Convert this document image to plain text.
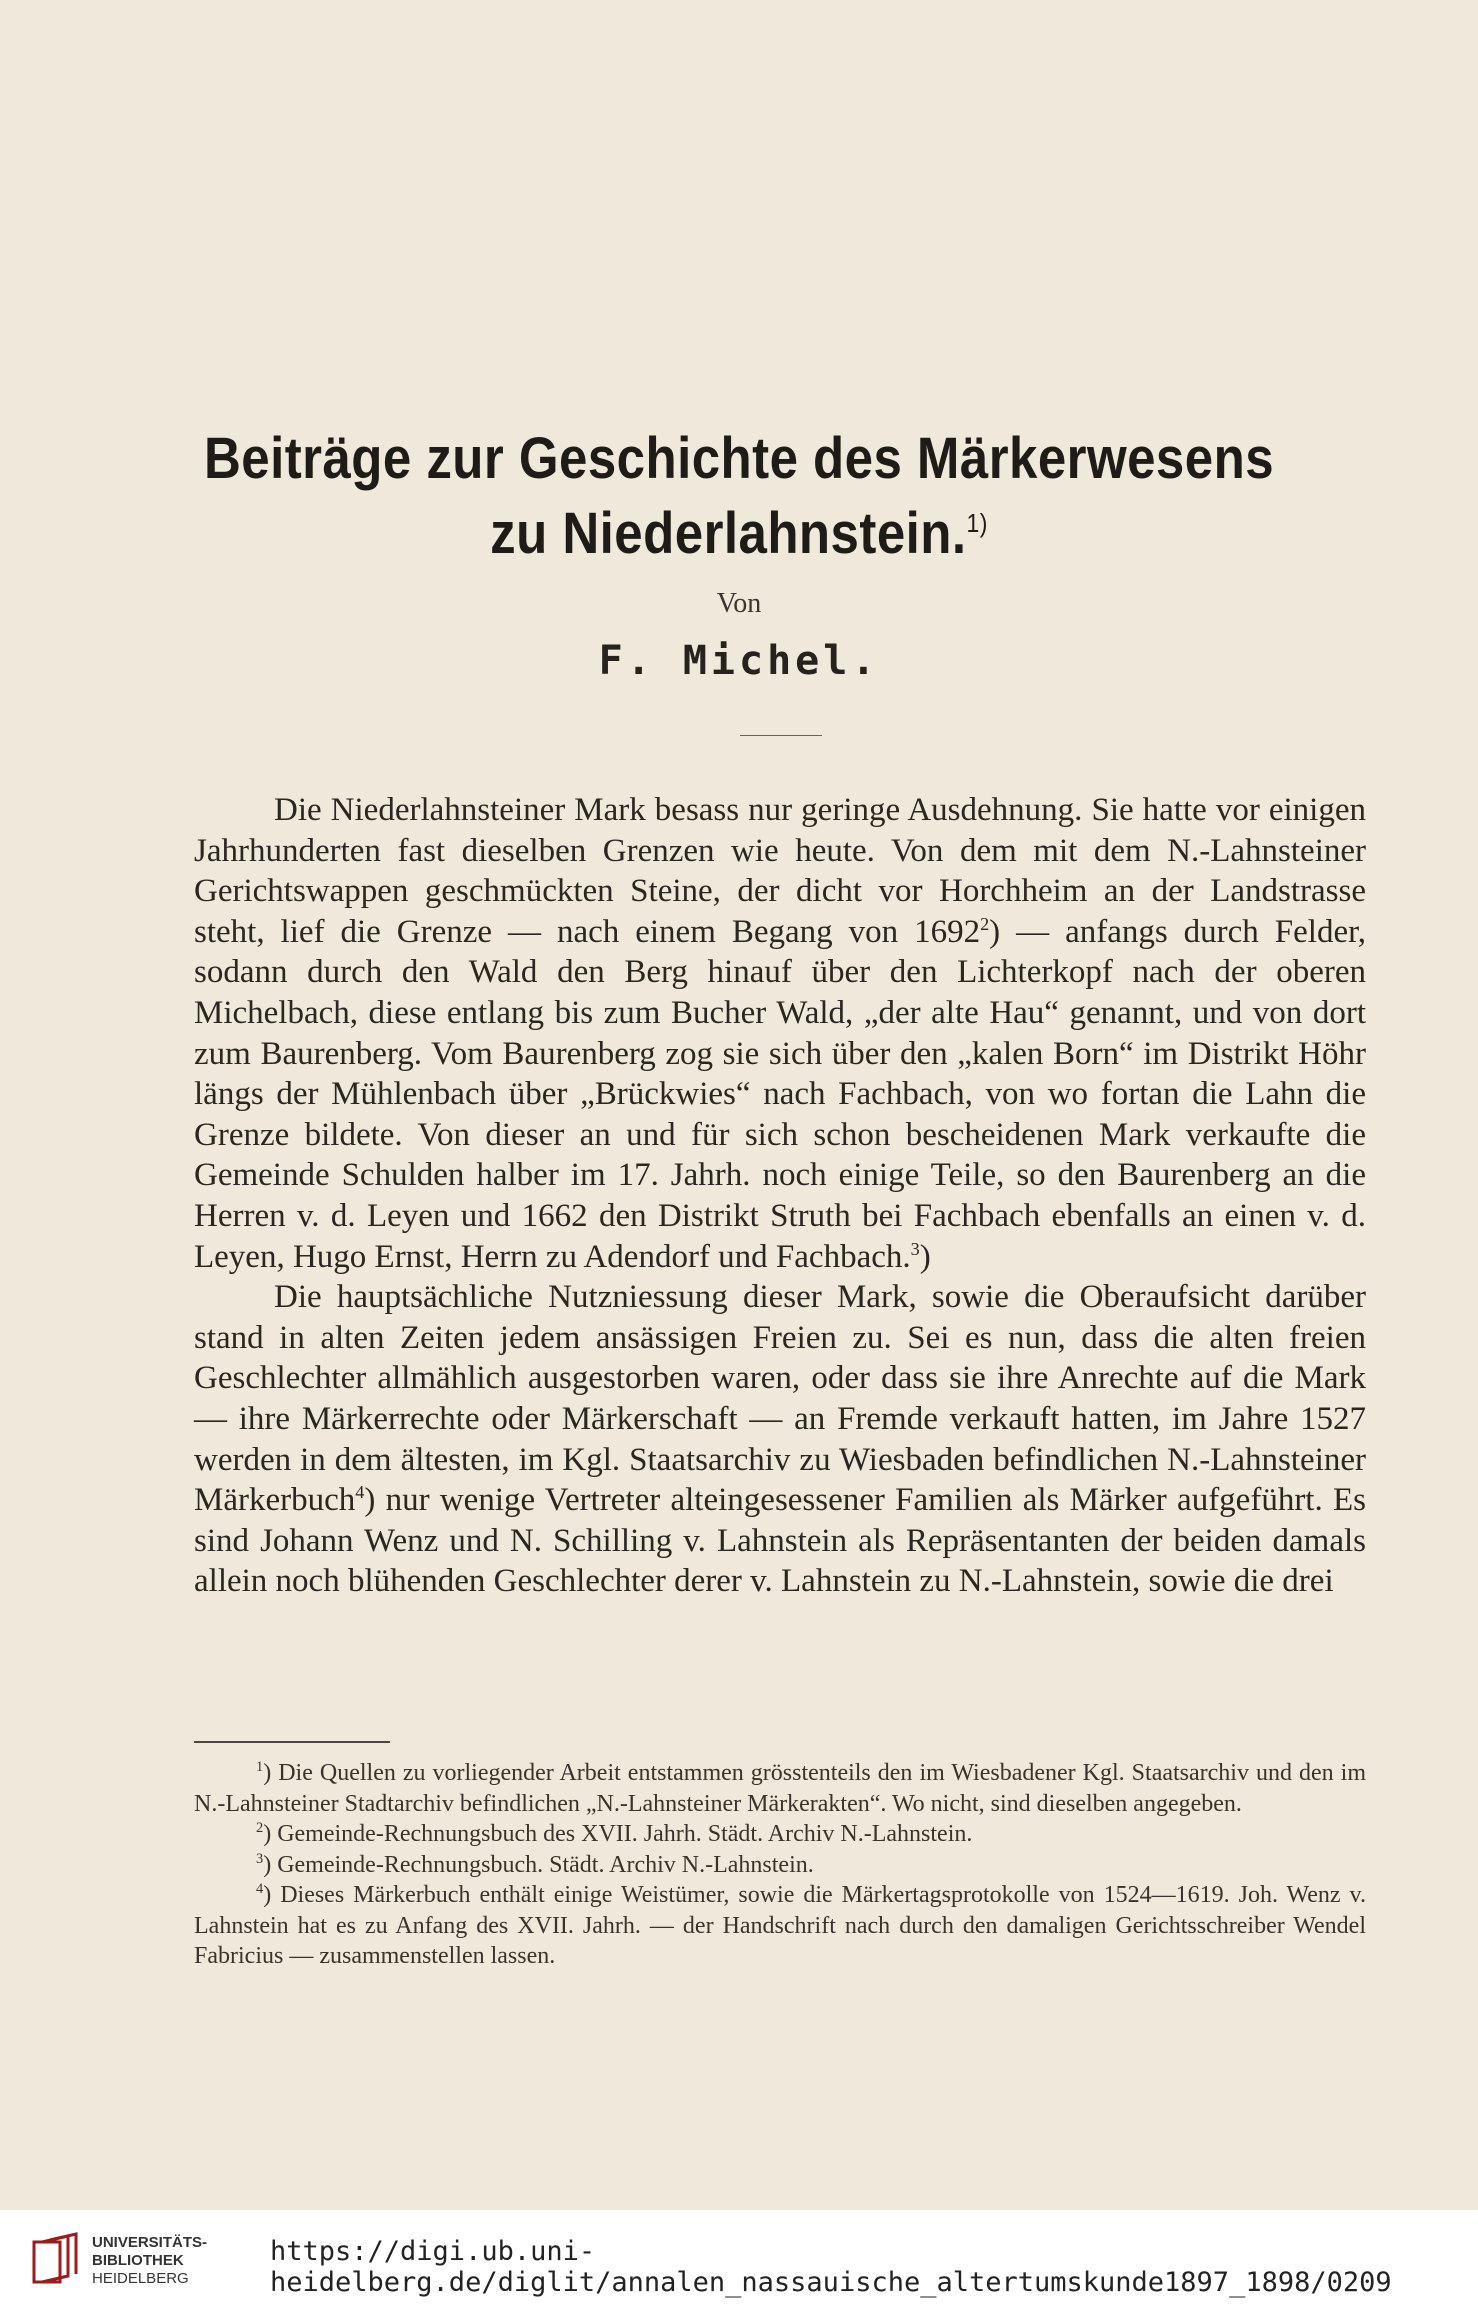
Beiträge zur Geschichte des Märkerwesens
zu Niederlahnstein.$^{1)}$
Von
F. Michel.

Die Niederlahnsteiner Mark besass nur geringe Ausdehnung. Sie hatte vor einigen Jahrhunderten fast dieselben Grenzen wie heute. Von dem mit dem N.-Lahnsteiner Gerichtswappen geschmückten Steine, der dicht vor Horchheim an der Landstrasse steht, lief die Grenze — nach einem Begang von 1692$^2$) — anfangs durch Felder, sodann durch den Wald den Berg hinauf über den Lichterkopf nach der oberen Michelbach, diese entlang bis zum Bucher Wald, „der alte Hau“ genannt, und von dort zum Baurenberg. Vom Baurenberg zog sie sich über den „kalen Born“ im Distrikt Höhr längs der Mühlenbach über „Brückwies“ nach Fachbach, von wo fortan die Lahn die Grenze bildete. Von dieser an und für sich schon bescheidenen Mark verkaufte die Gemeinde Schulden halber im 17. Jahrh. noch einige Teile, so den Baurenberg an die Herren v. d. Leyen und 1662 den Distrikt Struth bei Fachbach ebenfalls an einen v. d. Leyen, Hugo Ernst, Herrn zu Adendorf und Fachbach.$^3$)

Die hauptsächliche Nutzniessung dieser Mark, sowie die Oberaufsicht darüber stand in alten Zeiten jedem ansässigen Freien zu. Sei es nun, dass die alten freien Geschlechter allmählich ausgestorben waren, oder dass sie ihre Anrechte auf die Mark — ihre Märkerrechte oder Märkerschaft — an Fremde verkauft hatten, im Jahre 1527 werden in dem ältesten, im Kgl. Staatsarchiv zu Wiesbaden befindlichen N.-Lahnsteiner Märkerbuch$^4$) nur wenige Vertreter alteingesessener Familien als Märker aufgeführt. Es sind Johann Wenz und N. Schilling v. Lahnstein als Repräsentanten der beiden damals allein noch blühenden Geschlechter derer v. Lahnstein zu N.-Lahnstein, sowie die drei

$^1$) Die Quellen zu vorliegender Arbeit entstammen grösstenteils den im Wiesbadener Kgl. Staatsarchiv und den im N.-Lahnsteiner Stadtarchiv befindlichen „N.-Lahnsteiner Märkerakten“. Wo nicht, sind dieselben angegeben.

$^2$) Gemeinde-Rechnungsbuch des XVII. Jahrh. Städt. Archiv N.-Lahnstein.

$^3$) Gemeinde-Rechnungsbuch. Städt. Archiv N.-Lahnstein.

$^4$) Dieses Märkerbuch enthält einige Weistümer, sowie die Märkertagsprotokolle von 1524—1619. Joh. Wenz v. Lahnstein hat es zu Anfang des XVII. Jahrh. — der Handschrift nach durch den damaligen Gerichtsschreiber Wendel Fabricius — zusammenstellen lassen.

UNIVERSITÄTS-
BIBLIOTHEK
HEIDELBERG
https://digi.ub.uni-heidelberg.de/diglit/annalen_nassauische_altertumskunde1897_1898/0209
